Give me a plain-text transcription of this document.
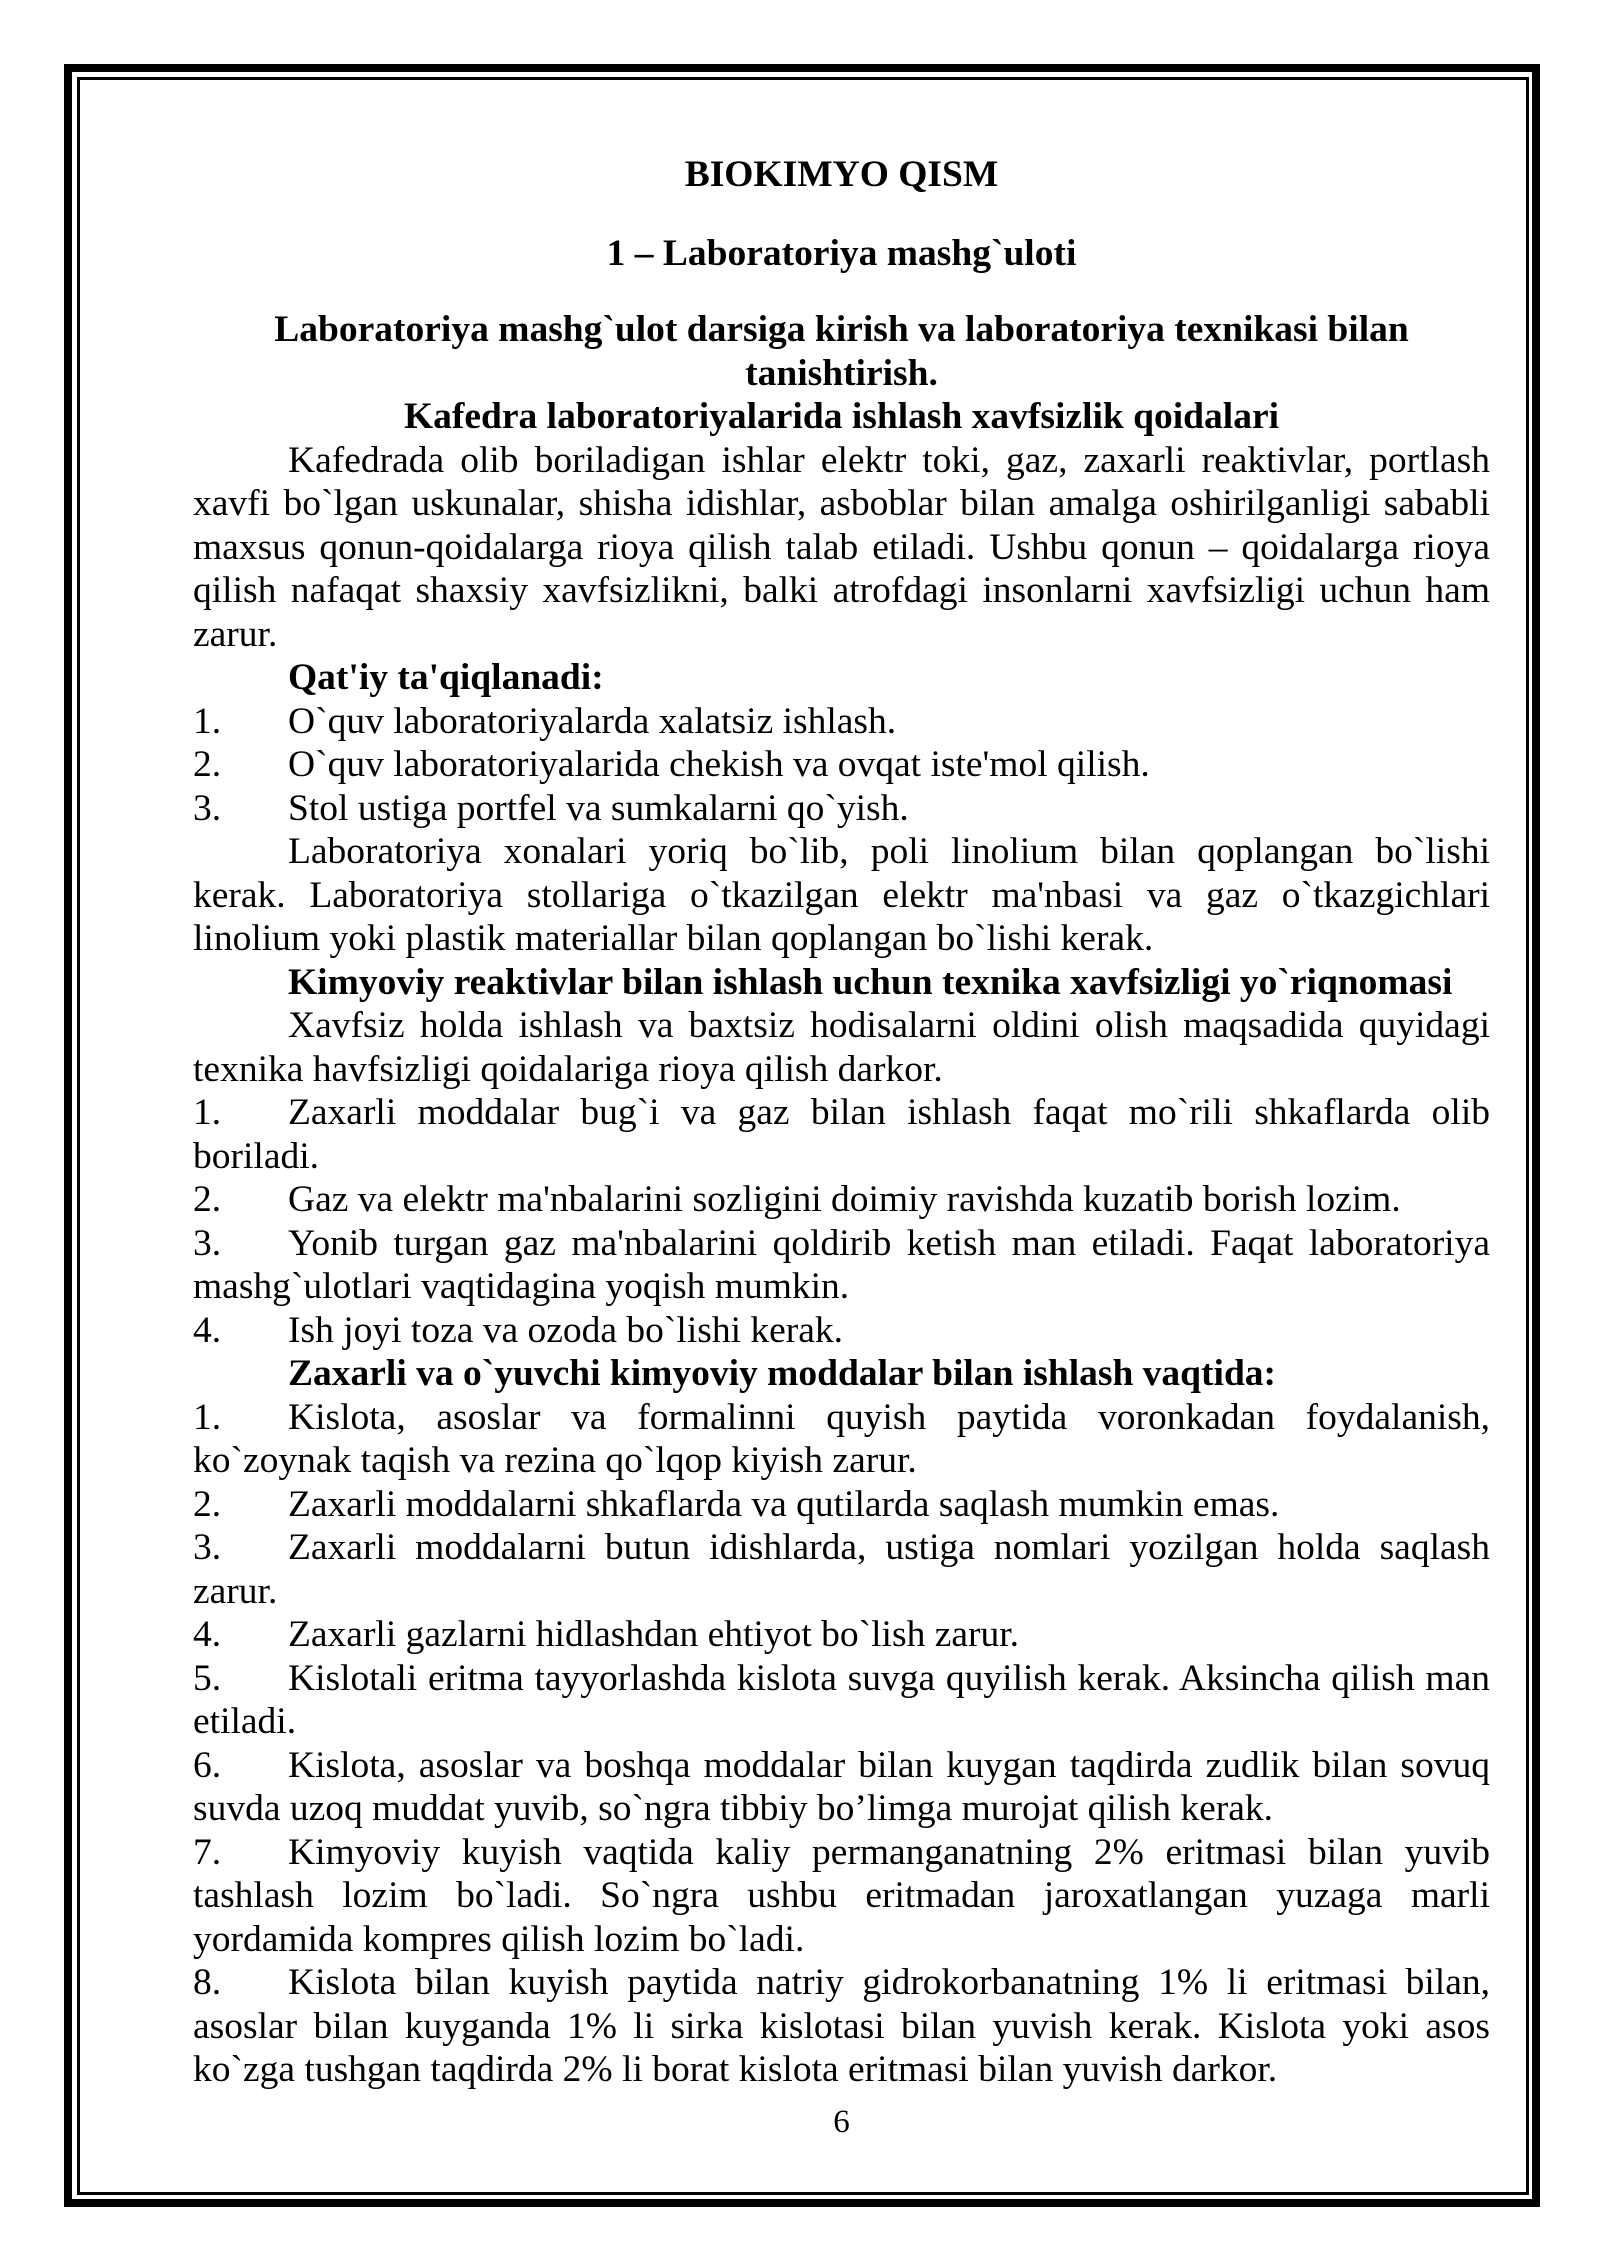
BIOKIMYO QISM

1 – Laboratoriya mashg`uloti

Laboratoriya mashg`ulot darsiga kirish va laboratoriya texnikasi bilan
tanishtirish.

Kafedra laboratoriyalarida ishlash xavfsizlik qoidalari

Kafedrada olib boriladigan ishlar elektr toki, gaz, zaxarli reaktivlar, portlash xavfi bo`lgan uskunalar, shisha idishlar, asboblar bilan amalga oshirilganligi sababli maxsus qonun-qoidalarga rioya qilish talab etiladi. Ushbu qonun – qoidalarga rioya qilish nafaqat shaxsiy xavfsizlikni, balki atrofdagi insonlarni xavfsizligi uchun ham zarur.

Qat'iy ta'qiqlanadi:

1. O`quv laboratoriyalarda xalatsiz ishlash.

2. O`quv laboratoriyalarida chekish va ovqat iste'mol qilish.

3. Stol ustiga portfel va sumkalarni qo`yish.

Laboratoriya xonalari yoriq bo`lib, poli linolium bilan qoplangan bo`lishi kerak. Laboratoriya stollariga o`tkazilgan elektr ma'nbasi va gaz o`tkazgichlari linolium yoki plastik materiallar bilan qoplangan bo`lishi kerak.

Kimyoviy reaktivlar bilan ishlash uchun texnika xavfsizligi yo`riqnomasi

Xavfsiz holda ishlash va baxtsiz hodisalarni oldini olish maqsadida quyidagi texnika havfsizligi qoidalariga rioya qilish darkor.

1. Zaxarli moddalar bug`i va gaz bilan ishlash faqat mo`rili shkaflarda olib boriladi.

2. Gaz va elektr ma'nbalarini sozligini doimiy ravishda kuzatib borish lozim.

3. Yonib turgan gaz ma'nbalarini qoldirib ketish man etiladi. Faqat laboratoriya mashg`ulotlari vaqtidagina yoqish mumkin.

4. Ish joyi toza va ozoda bo`lishi kerak.

Zaxarli va o`yuvchi kimyoviy moddalar bilan ishlash vaqtida:

1. Kislota, asoslar va formalinni quyish paytida voronkadan foydalanish, ko`zoynak taqish va rezina qo`lqop kiyish zarur.

2. Zaxarli moddalarni shkaflarda va qutilarda saqlash mumkin emas.

3. Zaxarli moddalarni butun idishlarda, ustiga nomlari yozilgan holda saqlash zarur.

4. Zaxarli gazlarni hidlashdan ehtiyot bo`lish zarur.

5. Kislotali eritma tayyorlashda kislota suvga quyilish kerak. Aksincha qilish man etiladi.

6. Kislota, asoslar va boshqa moddalar bilan kuygan taqdirda zudlik bilan sovuq suvda uzoq muddat yuvib, so`ngra tibbiy bo’limga murojat qilish kerak.

7. Kimyoviy kuyish vaqtida kaliy permanganatning 2% eritmasi bilan yuvib tashlash lozim bo`ladi. So`ngra ushbu eritmadan jaroxatlangan yuzaga marli yordamida kompres qilish lozim bo`ladi.

8. Kislota bilan kuyish paytida natriy gidrokorbanatning 1% li eritmasi bilan, asoslar bilan kuyganda 1% li sirka kislotasi bilan yuvish kerak. Kislota yoki asos ko`zga tushgan taqdirda 2% li borat kislota eritmasi bilan yuvish darkor.

6
